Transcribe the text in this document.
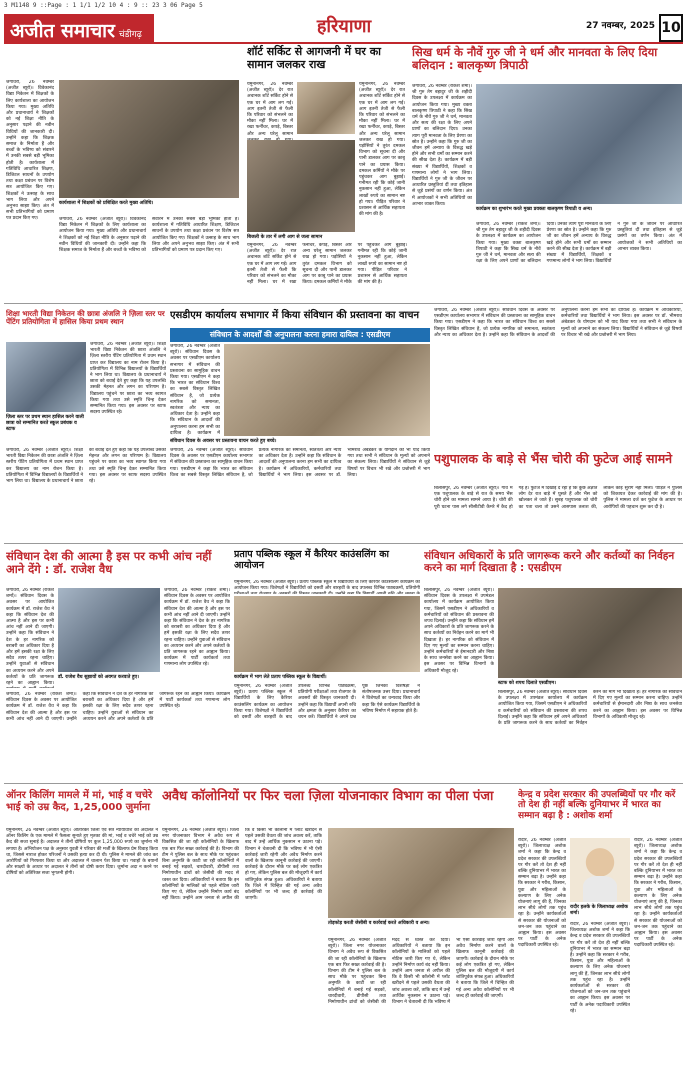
3 M1148 9 ::Page : 1 1/1 1/2 10 4 : 9 :: 23 3 06 Page 5
अजीत समाचार चंडीगढ़	हरियाणा	27 नवम्बर, 2025 10
जगाधरी, 26 नवम्बर (अजीत ब्यूरो)। विवेकानंद विद्या निकेतन में शिक्षकों के लिए कार्यशाला का आयोजन किया गया। मुख्य अतिथि और प्रधानाचार्य ने शिक्षकों को नई शिक्षा नीति के अनुसार पढ़ाने की नवीन विधियों की जानकारी दी। उन्होंने कहा कि शिक्षक समाज के निर्माता हैं और बच्चों के भविष्य को संवारने में उनकी सबसे बड़ी भूमिका होती है। कार्यशाला में गतिविधि आधारित शिक्षण, डिजिटल साधनों के उपयोग तथा कक्षा प्रबंधन पर विशेष सत्र आयोजित किए गए। शिक्षकों ने उत्साह के साथ भाग लिया और अपने अनुभव साझा किए। अंत में सभी प्रतिभागियों को प्रमाण पत्र प्रदान किए गए।
कार्यशाला में शिक्षकों को प्रशिक्षित करते मुख्य अतिथि।
जगाधरी, 26 नवम्बर (अजीत ब्यूरो)। विवेकानंद विद्या निकेतन में शिक्षकों के लिए कार्यशाला का आयोजन किया गया। मुख्य अतिथि और प्रधानाचार्य ने शिक्षकों को नई शिक्षा नीति के अनुसार पढ़ाने की नवीन विधियों की जानकारी दी। उन्होंने कहा कि शिक्षक समाज के निर्माता हैं और बच्चों के भविष्य को संवारने में उनकी सबसे बड़ी भूमिका होती है। कार्यशाला में गतिविधि आधारित शिक्षण, डिजिटल साधनों के उपयोग तथा कक्षा प्रबंधन पर विशेष सत्र आयोजित किए गए। शिक्षकों ने उत्साह के साथ भाग लिया और अपने अनुभव साझा किए। अंत में सभी प्रतिभागियों को प्रमाण पत्र प्रदान किए गए।
शॉर्ट सर्किट से आगजनी में घर का सामान जलकर राख
यमुनानगर, 26 नवम्बर (अजीत ब्यूरो)। देर रात अचानक शॉर्ट सर्किट होने से एक घर में आग लग गई। आग इतनी तेजी से फैली कि परिवार को संभलने का मौका नहीं मिला। घर में रखा फर्नीचर, कपड़े, बिस्तर और अन्य घरेलू सामान
यमुनानगर, 26 नवम्बर (अजीत ब्यूरो)। देर रात अचानक शॉर्ट सर्किट होने से एक घर में आग लग गई। आग इतनी तेजी से फैली कि परिवार को संभलने का मौका नहीं मिला। घर में रखा फर्नीचर, कपड़े, बिस्तर और अन्य घरेलू सामान जलकर राख हो गया। पड़ोसियों ने तुरंत दमकल विभाग को सूचना दी और पानी डालकर आग पर काबू पाने का प्रयास किया। दमकल कर्मियों ने मौके पर पहुंचकर आग बुझाई। गनीमत रही कि कोई जानी नुकसान नहीं हुआ, लेकिन लाखों रुपये का सामान नष्ट हो गया। पीड़ित परिवार ने प्रशासन से आर्थिक सहायता की मांग की है।
बिजली के तार में लगी आग से जला सामान
यमुनानगर, 26 नवम्बर (अजीत ब्यूरो)। देर रात अचानक शॉर्ट सर्किट होने से एक घर में आग लग गई। आग इतनी तेजी से फैली कि परिवार को संभलने का मौका नहीं मिला। घर में रखा फर्नीचर, कपड़े, बिस्तर और अन्य घरेलू सामान जलकर राख हो गया। पड़ोसियों ने तुरंत दमकल विभाग को सूचना दी और पानी डालकर आग पर काबू पाने का प्रयास किया। दमकल कर्मियों ने मौके पर पहुंचकर आग बुझाई। गनीमत रही कि कोई जानी नुकसान नहीं हुआ, लेकिन लाखों रुपये का सामान नष्ट हो गया। पीड़ित परिवार ने प्रशासन से आर्थिक सहायता की मांग की है।
सिख धर्म के नौवें गुरु जी ने धर्म और मानवता के लिए दिया बलिदान : बालकृष्ण त्रिपाठी
जगाधरी, 26 नवम्बर (राकेश शर्मा)। श्री गुरु तेग बहादुर जी के शहीदी दिवस के उपलक्ष्य में कार्यक्रम का आयोजन किया गया। मुख्य वक्ता बालकृष्ण त्रिपाठी ने कहा कि सिख धर्म के नौवें गुरु जी ने धर्म, मानवता और सत्य की रक्षा के लिए अपने प्राणों का बलिदान दिया। उनका त्याग पूरी मानवता के लिए प्रेरणा का स्रोत है। उन्होंने कहा कि गुरु जी का जीवन हमें अन्याय के विरुद्ध खड़े होने और सभी धर्मों का सम्मान करने की सीख देता है। कार्यक्रम में बड़ी संख्या में विद्यार्थियों, शिक्षकों व गणमान्य लोगों ने भाग लिया। विद्यार्थियों ने गुरु जी के जीवन पर आधारित प्रस्तुतियां दीं तथा इतिहास से जुड़े प्रसंगों का वर्णन किया। अंत में आयोजकों ने सभी अतिथियों का आभार व्यक्त किया।
कार्यक्रम का शुभारंभ करते मुख्य प्रवक्ता बालकृष्ण त्रिपाठी व अन्य।
जगाधरी, 26 नवम्बर (राकेश शर्मा)। श्री गुरु तेग बहादुर जी के शहीदी दिवस के उपलक्ष्य में कार्यक्रम का आयोजन किया गया। मुख्य वक्ता बालकृष्ण त्रिपाठी ने कहा कि सिख धर्म के नौवें गुरु जी ने धर्म, मानवता और सत्य की रक्षा के लिए अपने प्राणों का बलिदान दिया। उनका त्याग पूरी मानवता के लिए प्रेरणा का स्रोत है। उन्होंने कहा कि गुरु जी का जीवन हमें अन्याय के विरुद्ध खड़े होने और सभी धर्मों का सम्मान करने की सीख देता है। कार्यक्रम में बड़ी संख्या में विद्यार्थियों, शिक्षकों व गणमान्य लोगों ने भाग लिया। विद्यार्थियों ने गुरु जी के जीवन पर आधारित प्रस्तुतियां दीं तथा इतिहास से जुड़े प्रसंगों का वर्णन किया। अंत में आयोजकों ने सभी अतिथियों का आभार व्यक्त किया।
शिक्षा भारती विद्या निकेतन की छात्रा अंजलि ने ज़िला स्तर पर पेंटिंग प्रतियोगिता में हासिल किया प्रथम स्थान
ज़िला स्तर पर प्रथम स्थान हासिल करने वाली छात्रा को सम्मानित करते स्कूल प्रबंधक व स्टाफ
जगाधरी, 26 नवम्बर (अजीत ब्यूरो)। शिक्षा भारती विद्या निकेतन की छात्रा अंजलि ने ज़िला स्तरीय पेंटिंग प्रतियोगिता में प्रथम स्थान प्राप्त कर विद्यालय का नाम रोशन किया है। प्रतियोगिता में विभिन्न विद्यालयों के विद्यार्थियों ने भाग लिया था। विद्यालय के प्रधानाचार्य ने छात्रा को बधाई देते हुए कहा कि यह उपलब्धि उसकी मेहनत और लगन का परिणाम है। विद्यालय पहुंचने पर छात्रा का भव्य स्वागत किया गया तथा उसे स्मृति चिन्ह देकर सम्मानित किया गया। इस अवसर पर स्टाफ सदस्य उपस्थित रहे।
जगाधरी, 26 नवम्बर (अजीत ब्यूरो)। शिक्षा भारती विद्या निकेतन की छात्रा अंजलि ने ज़िला स्तरीय पेंटिंग प्रतियोगिता में प्रथम स्थान प्राप्त कर विद्यालय का नाम रोशन किया है। प्रतियोगिता में विभिन्न विद्यालयों के विद्यार्थियों ने भाग लिया था। विद्यालय के प्रधानाचार्य ने छात्रा को बधाई देते हुए कहा कि यह उपलब्धि उसकी मेहनत और लगन का परिणाम है। विद्यालय पहुंचने पर छात्रा का भव्य स्वागत किया गया तथा उसे स्मृति चिन्ह देकर सम्मानित किया गया। इस अवसर पर स्टाफ सदस्य उपस्थित रहे।
एसडीएम कार्यालय सभागार में किया संविधान की प्रस्तावना का वाचन
संविधान के आदर्शों की अनुपालना करना हमारा दायित्व : एसडीएम
जगाधरी, 26 नवम्बर (अजीत ब्यूरो)। संविधान दिवस के अवसर पर एसडीएम कार्यालय सभागार में संविधान की प्रस्तावना का सामूहिक वाचन किया गया। एसडीएम ने कहा कि भारत का संविधान विश्व का सबसे विस्तृत लिखित संविधान है, जो प्रत्येक नागरिक को समानता, स्वतंत्रता और न्याय का अधिकार देता है। उन्होंने कहा कि संविधान के आदर्शों की अनुपालना करना हम सभी का दायित्व है। कार्यक्रम में
संविधान दिवस के अवसर पर प्रस्तावना वाचन करते हुए बच्चे।
जगाधरी, 26 नवम्बर (अजीत ब्यूरो)। संविधान दिवस के अवसर पर एसडीएम कार्यालय सभागार में संविधान की प्रस्तावना का सामूहिक वाचन किया गया। एसडीएम ने कहा कि भारत का संविधान विश्व का सबसे विस्तृत लिखित संविधान है, जो प्रत्येक नागरिक को समानता, स्वतंत्रता और न्याय का अधिकार देता है। उन्होंने कहा कि संविधान के आदर्शों की अनुपालना करना हम सभी का दायित्व है। कार्यक्रम में अधिकारियों, कर्मचारियों तथा विद्यार्थियों ने भाग लिया। इस अवसर पर डॉ. भीमराव अंबेडकर के योगदान को भी याद किया गया तथा सभी ने संविधान के मूल्यों को अपनाने का संकल्प लिया। विद्यार्थियों ने संविधान से जुड़े विषयों पर विचार भी रखे और प्रश्नोत्तरी में भाग लिया।
पशुपालक के बाड़े से भैंस चोरी की फुटेज आई सामने
बिलासपुर, 26 नवम्बर (अजीत ब्यूरो)। गांव में एक पशुपालक के बाड़े से रात के समय भैंस चोरी होने का मामला सामने आया है। चोरी की पूरी घटना पास लगे सीसीटीवी कैमरे में कैद हो गई है। फुटेज में दिखाई दे रहा है कि कुछ अज्ञात लोग देर रात बाड़े में घुसते हैं और भैंस को खोलकर ले जाते हैं। सुबह पशुपालक को चोरी का पता चला तो उसने आसपास तलाश की, लेकिन कोई सुराग नहीं मिला। पीड़ित ने पुलिस को शिकायत देकर कार्रवाई की मांग की है। पुलिस ने मामला दर्ज कर फुटेज के आधार पर आरोपियों की पहचान शुरू कर दी है।
जगाधरी, 26 नवम्बर (अजीत ब्यूरो)। संविधान दिवस के अवसर पर एसडीएम कार्यालय सभागार में संविधान की प्रस्तावना का सामूहिक वाचन किया गया। एसडीएम ने कहा कि भारत का संविधान विश्व का सबसे विस्तृत लिखित संविधान है, जो प्रत्येक नागरिक को समानता, स्वतंत्रता और न्याय का अधिकार देता है। उन्होंने कहा कि संविधान के आदर्शों की अनुपालना करना हम सभी का दायित्व है। कार्यक्रम में अधिकारियों, कर्मचारियों तथा विद्यार्थियों ने भाग लिया। इस अवसर पर डॉ. भीमराव अंबेडकर के योगदान को भी याद किया गया तथा सभी ने संविधान के मूल्यों को अपनाने का संकल्प लिया। विद्यार्थियों ने संविधान से जुड़े विषयों पर विचार भी रखे और प्रश्नोत्तरी में भाग लिया।
संविधान देश की आत्मा है इस पर कभी आंच नहीं आने देंगे : डॉ. राजेश वैध
जगाधरी, 26 नवम्बर (राकेश शर्मा)। संविधान दिवस के अवसर पर आयोजित कार्यक्रम में डॉ. राजेश वैध ने कहा कि संविधान देश की आत्मा है और इस पर कभी आंच नहीं आने दी जाएगी। उन्होंने कहा कि संविधान ने देश के हर नागरिक को बराबरी का अधिकार दिया है और हमें इसकी रक्षा के लिए सदैव तत्पर रहना चाहिए। उन्होंने युवाओं से संविधान का अध्ययन करने और अपने कर्तव्यों के प्रति जागरूक रहने का आह्वान किया।
जगाधरी, 26 नवम्बर (राकेश शर्मा)। संविधान दिवस के अवसर पर आयोजित कार्यक्रम में डॉ. राजेश वैध ने कहा कि संविधान देश की आत्मा है और इस पर कभी आंच नहीं आने दी जाएगी। उन्होंने कहा कि संविधान ने देश के हर नागरिक को बराबरी का अधिकार दिया है और हमें इसकी रक्षा के लिए सदैव तत्पर रहना चाहिए। उन्होंने युवाओं से संविधान का अध्ययन करने और अपने कर्तव्यों के प्रति जागरूक रहने का आह्वान किया। कार्यक्रम में पार्टी कार्यकर्ता तथा गणमान्य लोग उपस्थित रहे।
डॉ. राजेश वैध सुझावों को अवगत करवाते हुए।
जगाधरी, 26 नवम्बर (राकेश शर्मा)। संविधान दिवस के अवसर पर आयोजित कार्यक्रम में डॉ. राजेश वैध ने कहा कि संविधान देश की आत्मा है और इस पर कभी आंच नहीं आने दी जाएगी। उन्होंने कहा कि संविधान ने देश के हर नागरिक को बराबरी का अधिकार दिया है और हमें इसकी रक्षा के लिए सदैव तत्पर रहना चाहिए। उन्होंने युवाओं से संविधान का अध्ययन करने और अपने कर्तव्यों के प्रति जागरूक रहने का आह्वान किया। कार्यक्रम में पार्टी कार्यकर्ता तथा गणमान्य लोग उपस्थित रहे।
प्रताप पब्लिक स्कूल में कैरियर काउंसलिंग का आयोजन
यमुनानगर, 26 नवम्बर (अजीत ब्यूरो)। प्रताप पब्लिक स्कूल में विद्यार्थियों के लिए कैरियर काउंसलिंग कार्यक्रम का आयोजन किया गया। विशेषज्ञों ने विद्यार्थियों को दसवीं और बारहवीं के बाद उपलब्ध विभिन्न पाठ्यक्रमों, प्रतियोगी
कार्यक्रम में भाग लेते प्रताप पब्लिक स्कूल के विद्यार्थी।
यमुनानगर, 26 नवम्बर (अजीत ब्यूरो)। प्रताप पब्लिक स्कूल में विद्यार्थियों के लिए कैरियर काउंसलिंग कार्यक्रम का आयोजन किया गया। विशेषज्ञों ने विद्यार्थियों को दसवीं और बारहवीं के बाद उपलब्ध विभिन्न पाठ्यक्रमों, प्रतियोगी परीक्षाओं तथा रोजगार के अवसरों की विस्तृत जानकारी दी। उन्होंने कहा कि विद्यार्थी अपनी रुचि और क्षमता के अनुसार कैरियर का चयन करें। विद्यार्थियों ने अपने प्रश्न पूछे जिनका विशेषज्ञों ने संतोषजनक उत्तर दिया। प्रधानाचार्य ने विशेषज्ञों का धन्यवाद किया और कहा कि ऐसे कार्यक्रम विद्यार्थियों के भविष्य निर्माण में सहायक होते हैं।
संविधान अधिकारों के प्रति जागरूक करने और कर्तव्यों का निर्वहन करने का मार्ग दिखाता है : एसडीएम
बिलासपुर, 26 नवम्बर (अजीत ब्यूरो)। संविधान दिवस के उपलक्ष्य में उपमंडल कार्यालय में कार्यक्रम आयोजित किया गया, जिसमें एसडीएम ने अधिकारियों व कर्मचारियों को संविधान की प्रस्तावना की शपथ दिलाई। उन्होंने कहा कि संविधान हमें अपने अधिकारों के प्रति जागरूक करने के साथ कर्तव्यों का निर्वहन करने का मार्ग भी दिखाता है। हर नागरिक को संविधान में दिए गए मूल्यों का सम्मान करना चाहिए। उन्होंने कर्मचारियों से ईमानदारी और निष्ठा के साथ जनसेवा करने का आह्वान किया। इस अवसर पर विभिन्न विभागों के अधिकारी मौजूद रहे।
स्टाफ को शपथ दिलाते एसडीएम।
बिलासपुर, 26 नवम्बर (अजीत ब्यूरो)। संविधान दिवस के उपलक्ष्य में उपमंडल कार्यालय में कार्यक्रम आयोजित किया गया, जिसमें एसडीएम ने अधिकारियों व कर्मचारियों को संविधान की प्रस्तावना की शपथ दिलाई। उन्होंने कहा कि संविधान हमें अपने अधिकारों के प्रति जागरूक करने के साथ कर्तव्यों का निर्वहन करने का मार्ग भी दिखाता है। हर नागरिक को संविधान में दिए गए मूल्यों का सम्मान करना चाहिए। उन्होंने कर्मचारियों से ईमानदारी और निष्ठा के साथ जनसेवा करने का आह्वान किया। इस अवसर पर विभिन्न विभागों के अधिकारी मौजूद रहे।
ऑनर किलिंग मामले में मां, भाई व चचेरे भाई को उम्र कैद, 1,25,000 जुर्माना
यमुनानगर, 26 नवम्बर (अजीत ब्यूरो)। अतिरिक्त जिला एवं सत्र न्यायाधीश की अदालत ने ऑनर किलिंग के एक मामले में फैसला सुनाते हुए मृतका की मां, भाई व चचेरे भाई को उम्र कैद की सजा सुनाई है। अदालत ने तीनों दोषियों पर कुल 1,25,000 रुपये का जुर्माना भी लगाया है। अभियोजन पक्ष के अनुसार युवती ने परिवार की मर्जी के खिलाफ प्रेम विवाह किया था, जिससे नाराज होकर परिजनों ने उसकी हत्या कर दी थी। पुलिस ने मामले की जांच कर आरोपियों को गिरफ्तार किया था और अदालत में चालान पेश किया था। गवाहों के बयानों और साक्ष्यों के आधार पर अदालत ने तीनों को दोषी करार दिया। जुर्माना अदा न करने पर दोषियों को अतिरिक्त सजा भुगतनी होगी।
अवैध कॉलोनियों पर फिर चला ज़िला योजनाकार विभाग का पीला पंजा
यमुनानगर, 26 नवम्बर (अजीत ब्यूरो)। जिला नगर योजनाकार विभाग ने अवैध रूप से विकसित की जा रही कॉलोनियों के खिलाफ एक बार फिर सख्त कार्रवाई की है। विभाग की टीम ने पुलिस बल के साथ मौके पर पहुंचकर बिना अनुमति के काटी जा रही कॉलोनियों में बनाई गई सड़कों, चारदीवारी, डीपीसी तथा निर्माणाधीन ढांचों को जेसीबी की मदद से ध्वस्त कर दिया। अधिकारियों ने बताया कि इन कॉलोनियों के मालिकों को पहले नोटिस जारी किए गए थे, लेकिन उन्होंने निर्माण कार्य बंद नहीं किया। उन्होंने आम जनता से अपील की कि वे किसी भी कॉलोनी में प्लॉट खरीदने से पहले उसकी वैधता की जांच अवश्य करें, ताकि बाद में उन्हें आर्थिक नुकसान न उठाना पड़े। विभाग ने चेतावनी दी कि भविष्य में भी ऐसी कार्रवाई जारी रहेगी और अवैध निर्माण करने वालों के खिलाफ कानूनी कार्रवाई की जाएगी। कार्रवाई के दौरान मौके पर कई लोग एकत्रित हो गए, लेकिन पुलिस बल की मौजूदगी में कार्य शांतिपूर्वक संपन्न हुआ। अधिकारियों ने बताया कि जिले में चिन्हित की गई अन्य अवैध कॉलोनियों पर भी जल्द ही कार्रवाई की जाएगी।
तोड़फोड़ करती जेसीबी व कार्रवाई करते अधिकारी व अन्य।
यमुनानगर, 26 नवम्बर (अजीत ब्यूरो)। जिला नगर योजनाकार विभाग ने अवैध रूप से विकसित की जा रही कॉलोनियों के खिलाफ एक बार फिर सख्त कार्रवाई की है। विभाग की टीम ने पुलिस बल के साथ मौके पर पहुंचकर बिना अनुमति के काटी जा रही कॉलोनियों में बनाई गई सड़कों, चारदीवारी, डीपीसी तथा निर्माणाधीन ढांचों को जेसीबी की मदद से ध्वस्त कर दिया। अधिकारियों ने बताया कि इन कॉलोनियों के मालिकों को पहले नोटिस जारी किए गए थे, लेकिन उन्होंने निर्माण कार्य बंद नहीं किया। उन्होंने आम जनता से अपील की कि वे किसी भी कॉलोनी में प्लॉट खरीदने से पहले उसकी वैधता की जांच अवश्य करें, ताकि बाद में उन्हें आर्थिक नुकसान न उठाना पड़े। विभाग ने चेतावनी दी कि भविष्य में भी ऐसी कार्रवाई जारी रहेगी और अवैध निर्माण करने वालों के खिलाफ कानूनी कार्रवाई की जाएगी। कार्रवाई के दौरान मौके पर कई लोग एकत्रित हो गए, लेकिन पुलिस बल की मौजूदगी में कार्य शांतिपूर्वक संपन्न हुआ। अधिकारियों ने बताया कि जिले में चिन्हित की गई अन्य अवैध कॉलोनियों पर भी जल्द ही कार्रवाई की जाएगी।
केन्द्र व प्रदेश सरकार की उपलब्धियों पर गौर करें तो देश ही नहीं बल्कि दुनियाभर में भारत का सम्मान बढ़ा है : अशोक शर्मा
रादौर, 26 नवम्बर (अजीत ब्यूरो)। जिलाध्यक्ष अशोक शर्मा ने कहा कि केन्द्र व प्रदेश सरकार की उपलब्धियों पर गौर करें तो देश ही नहीं बल्कि दुनियाभर में भारत का सम्मान बढ़ा है। उन्होंने कहा कि सरकार ने गरीब, किसान, युवा और महिलाओं के कल्याण के लिए अनेक योजनाएं लागू की हैं, जिनका लाभ सीधे लोगों तक पहुंच रहा है। उन्होंने कार्यकर्ताओं से सरकार की योजनाओं को जन-जन तक पहुंचाने का आह्वान किया। इस अवसर पर पार्टी के अनेक पदाधिकारी उपस्थित रहे।
रादौर हलके के जिलाध्यक्ष अशोक शर्मा।
रादौर, 26 नवम्बर (अजीत ब्यूरो)। जिलाध्यक्ष अशोक शर्मा ने कहा कि केन्द्र व प्रदेश सरकार की उपलब्धियों पर गौर करें तो देश ही नहीं बल्कि दुनियाभर में भारत का सम्मान बढ़ा है। उन्होंने कहा कि सरकार ने गरीब, किसान, युवा और महिलाओं के कल्याण के लिए अनेक योजनाएं लागू की हैं, जिनका लाभ सीधे लोगों तक पहुंच रहा है। उन्होंने कार्यकर्ताओं से सरकार की योजनाओं को जन-जन तक पहुंचाने का आह्वान किया। इस अवसर पर पार्टी के अनेक पदाधिकारी उपस्थित रहे।
रादौर, 26 नवम्बर (अजीत ब्यूरो)। जिलाध्यक्ष अशोक शर्मा ने कहा कि केन्द्र व प्रदेश सरकार की उपलब्धियों पर गौर करें तो देश ही नहीं बल्कि दुनियाभर में भारत का सम्मान बढ़ा है। उन्होंने कहा कि सरकार ने गरीब, किसान, युवा और महिलाओं के कल्याण के लिए अनेक योजनाएं लागू की हैं, जिनका लाभ सीधे लोगों तक पहुंच रहा है। उन्होंने कार्यकर्ताओं से सरकार की योजनाओं को जन-जन तक पहुंचाने का आह्वान किया। इस अवसर पर पार्टी के अनेक पदाधिकारी उपस्थित रहे।
